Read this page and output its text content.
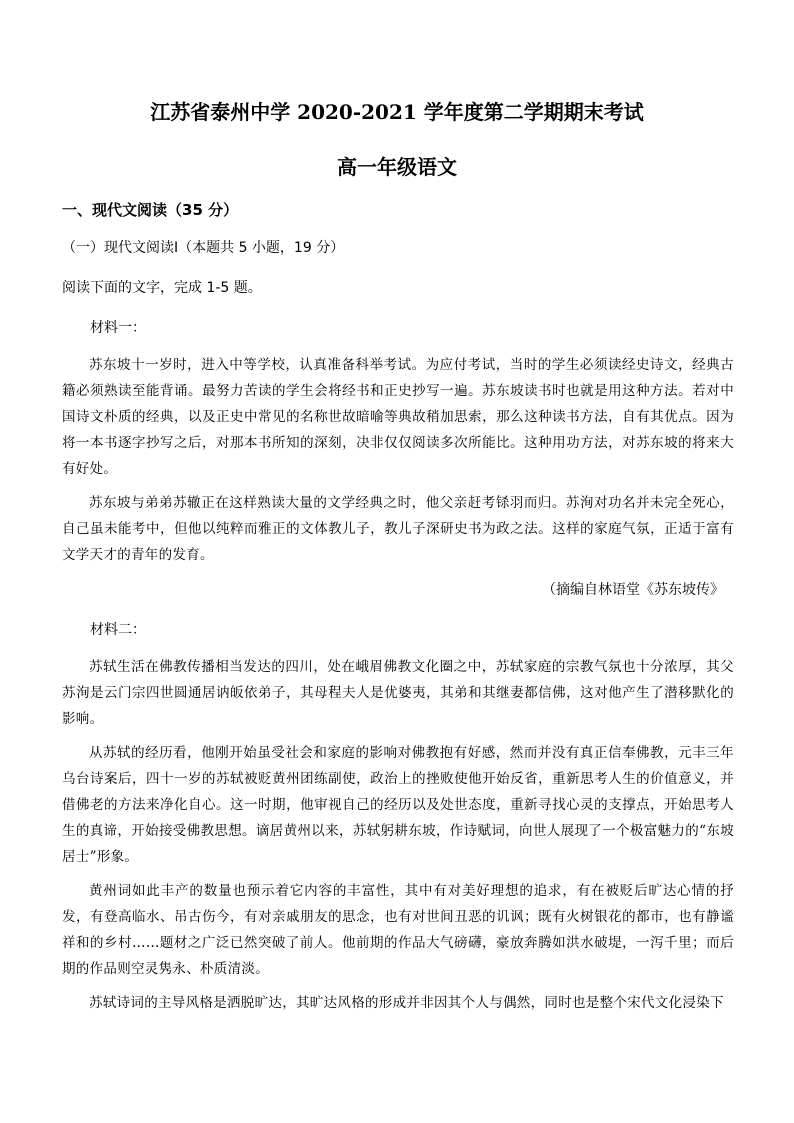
江苏省泰州中学 2020-2021 学年度第二学期期末考试
高一年级语文
一、现代文阅读（35 分）
（一）现代文阅读Ⅰ（本题共 5 小题，19 分）
阅读下面的文字，完成 1-5 题。
材料一：

苏东坡十一岁时，进入中等学校，认真准备科举考试。为应付考试，当时的学生必须读经史诗文，经典古籍必须熟读至能背诵。最努力苦读的学生会将经书和正史抄写一遍。苏东坡读书时也就是用这种方法。若对中国诗文朴质的经典，以及正史中常见的名称世故暗喻等典故稍加思索，那么这种读书方法，自有其优点。因为将一本书逐字抄写之后，对那本书所知的深刻，决非仅仅阅读多次所能比。这种用功方法，对苏东坡的将来大有好处。

苏东坡与弟弟苏辙正在这样熟读大量的文学经典之时，他父亲赶考铩羽而归。苏洵对功名并未完全死心，自己虽未能考中，但他以纯粹而雅正的文体教儿子，教儿子深研史书为政之法。这样的家庭气氛，正适于富有文学天才的青年的发育。

（摘编自林语堂《苏东坡传》
材料二：

苏轼生活在佛教传播相当发达的四川，处在峨眉佛教文化圈之中，苏轼家庭的宗教气氛也十分浓厚，其父苏洵是云门宗四世圆通居讷皈依弟子，其母程夫人是优婆夷，其弟和其继妻都信佛，这对他产生了潜移默化的影响。

从苏轼的经历看，他刚开始虽受社会和家庭的影响对佛教抱有好感，然而并没有真正信奉佛教，元丰三年乌台诗案后，四十一岁的苏轼被贬黄州团练副使，政治上的挫败使他开始反省，重新思考人生的价值意义，并借佛老的方法来净化自心。这一时期，他审视自己的经历以及处世态度，重新寻找心灵的支撑点，开始思考人生的真谛，开始接受佛教思想。谪居黄州以来，苏轼躬耕东坡，作诗赋词，向世人展现了一个极富魅力的“东坡居士”形象。

黄州词如此丰产的数量也预示着它内容的丰富性，其中有对美好理想的追求，有在被贬后旷达心情的抒发，有登高临水、吊古伤今，有对亲戚朋友的思念，也有对世间丑恶的讥讽；既有火树银花的都市，也有静谧祥和的乡村……题材之广泛已然突破了前人。他前期的作品大气磅礴，豪放奔腾如洪水破堤，一泻千里；而后期的作品则空灵隽永、朴质清淡。

苏轼诗词的主导风格是洒脱旷达，其旷达风格的形成并非因其个人与偶然，同时也是整个宋代文化浸染下
